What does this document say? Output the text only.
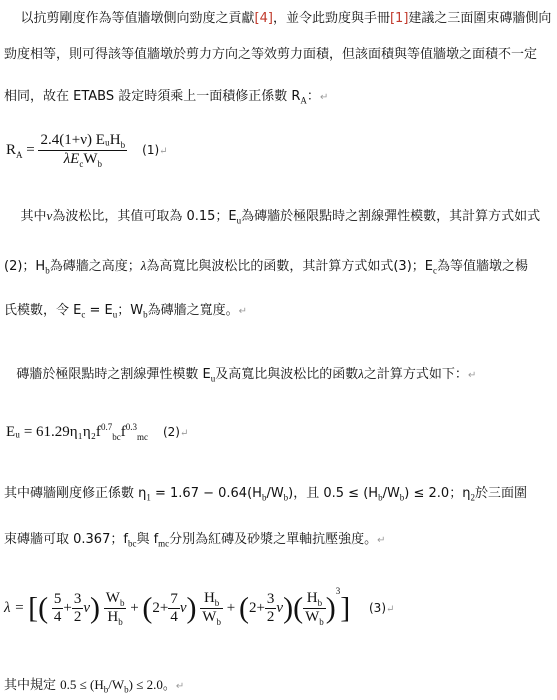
以抗剪剛度作為等值牆墩側向勁度之貢獻[4]，並令此勁度與手冊[1]建議之三面圍束磚牆側向
勁度相等，則可得該等值牆墩於剪力方向之等效剪力面積，但該面積與等值牆墩之面積不一定
相同，故在 ETABS 設定時須乘上一面積修正係數 $R_A$：↵
$R_A = \frac{2.4(1+\nu) EᵤH_b}{\lambda E_cW_b}$ (1)↵
其中ν為波松比，其值可取為 0.15；$E_u$為磚牆於極限點時之割線彈性模數，其計算方式如式
(2)；$H_b$為磚牆之高度；λ為高寬比與波松比的函數，其計算方式如式(3)；$E_c$為等值牆墩之楊
氏模數，令 $E_c = E_u$；$W_b$為磚牆之寬度。↵
磚牆於極限點時之割線彈性模數 $E_u$及高寬比與波松比的函數λ之計算方式如下：↵
Eᵤ = $61.29\eta_1\eta_2f^{0.7}_{bc}f^{0.3}_{mc}$ (2)↵
其中磚牆剛度修正係數 $\eta_1 = 1.67 - 0.64(H_b/W_b)$，且 $0.5 \le (H_b/W_b) \le 2.0$；$\eta_2$於三面圍
束磚牆可取 0.367；$f_{bc}$與 $f_{mc}$分別為紅磚及砂漿之單軸抗壓強度。↵
λ = [( $\frac{5}{4} + \frac{3}{2} \nu) \frac{W_b}{H_b} + (2+ \frac{7}{4} \nu) \frac{H_b}{W_b} + (2+ \frac{3}{2} \nu)( \frac{H_b}{W_b} )^3$] (3)↵
其中規定 $0.5 \le (H_b/W_b) \le 2.0$。↵
